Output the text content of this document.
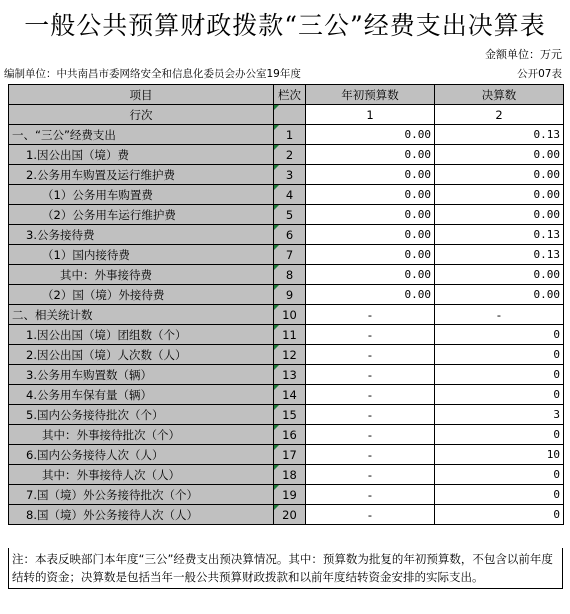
一般公共预算财政拨款“三公”经费支出决算表
金额单位：万元
编制单位：中共南昌市委网络安全和信息化委员会办公室19年度	公开07表
项目	栏次	年初预算数	决算数
行次		1	2
一、“三公”经费支出	1	0.00	0.13
1.因公出国（境）费	2	0.00	0.00
2.公务用车购置及运行维护费	3	0.00	0.00
（1）公务用车购置费	4	0.00	0.00
（2）公务用车运行维护费	5	0.00	0.00
3.公务接待费	6	0.00	0.13
（1）国内接待费	7	0.00	0.13
其中：外事接待费	8	0.00	0.00
（2）国（境）外接待费	9	0.00	0.00
二、相关统计数	10	-	-
1.因公出国（境）团组数（个）	11	-	0
2.因公出国（境）人次数（人）	12	-	0
3.公务用车购置数（辆）	13	-	0
4.公务用车保有量（辆）	14	-	0
5.国内公务接待批次（个）	15	-	3
其中：外事接待批次（个）	16	-	0
6.国内公务接待人次（人）	17	-	10
其中：外事接待人次（人）	18	-	0
7.国（境）外公务接待批次（个）	19	-	0
8.国（境）外公务接待人次（人）	20	-	0
注：本表反映部门本年度“三公”经费支出预决算情况。其中：预算数为批复的年初预算数，不包含以前年度结转的资金；决算数是包括当年一般公共预算财政拨款和以前年度结转资金安排的实际支出。
